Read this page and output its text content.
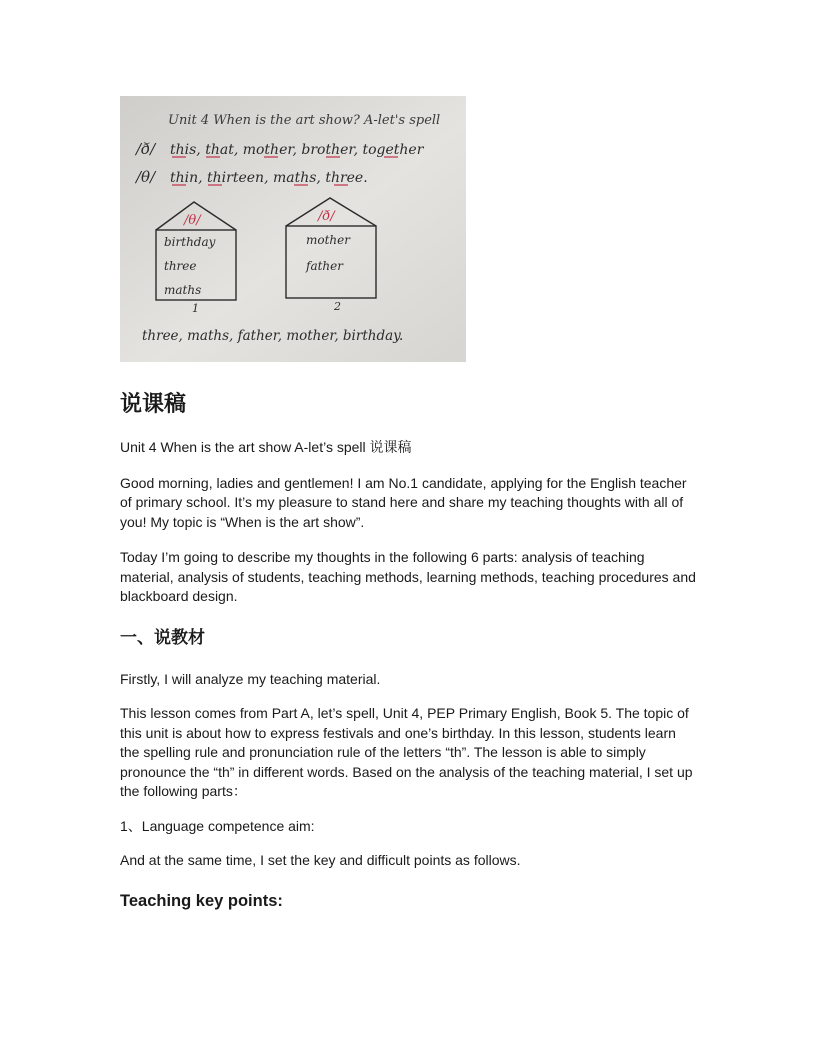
Unit 4 When is the art show? A-let's spell
/ð/ this, that, mother, brother, together
/θ/ thin, thirteen, maths, three.
/θ/
birthday
three
maths
1
/ð/
mother
father
2
three, maths, father, mother, birthday.
说课稿

Unit 4 When is the art show A-let’s spell 说课稿

Good morning, ladies and gentlemen! I am No.1 candidate, applying for the English teacher of primary school. It’s my pleasure to stand here and share my teaching thoughts with all of you! My topic is “When is the art show”.

Today I’m going to describe my thoughts in the following 6 parts: analysis of teaching material, analysis of students, teaching methods, learning methods, teaching procedures and blackboard design.

一、说教材

Firstly, I will analyze my teaching material.

This lesson comes from Part A, let’s spell, Unit 4, PEP Primary English, Book 5. The topic of this unit is about how to express festivals and one’s birthday. In this lesson, students learn the spelling rule and pronunciation rule of the letters “th”. The lesson is able to simply pronounce the “th” in different words. Based on the analysis of the teaching material, I set up the following parts：

1、Language competence aim:

And at the same time, I set the key and difficult points as follows.

Teaching key points:
